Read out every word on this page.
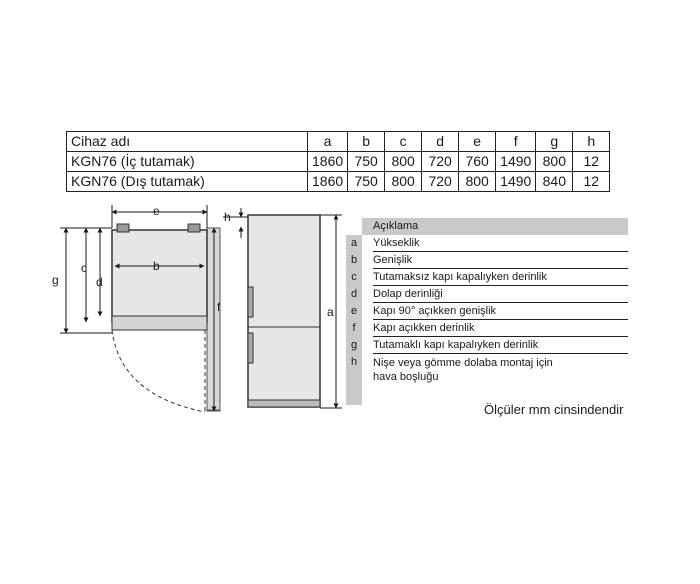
Cihaz adı	a	b	c	d	e	f	g	h
KGN76 (İç tutamak)	1860	750	800	720	760	1490	800	12
KGN76 (Dış tutamak)	1860	750	800	720	800	1490	840	12
e
b
g
c
d
f
h
a
Açıklama
a	Yükseklik
b	Genişlik
c	Tutamaksız kapı kapalıyken derinlik
d	Dolap derinliği
e	Kapı 90° açıkken genişlik
f	Kapı açıkken derinlik
g	Tutamaklı kapı kapalıyken derinlik
h	Nişe veya gömme dolaba montaj için hava boşluğu
Ölçüler mm cinsindendir
